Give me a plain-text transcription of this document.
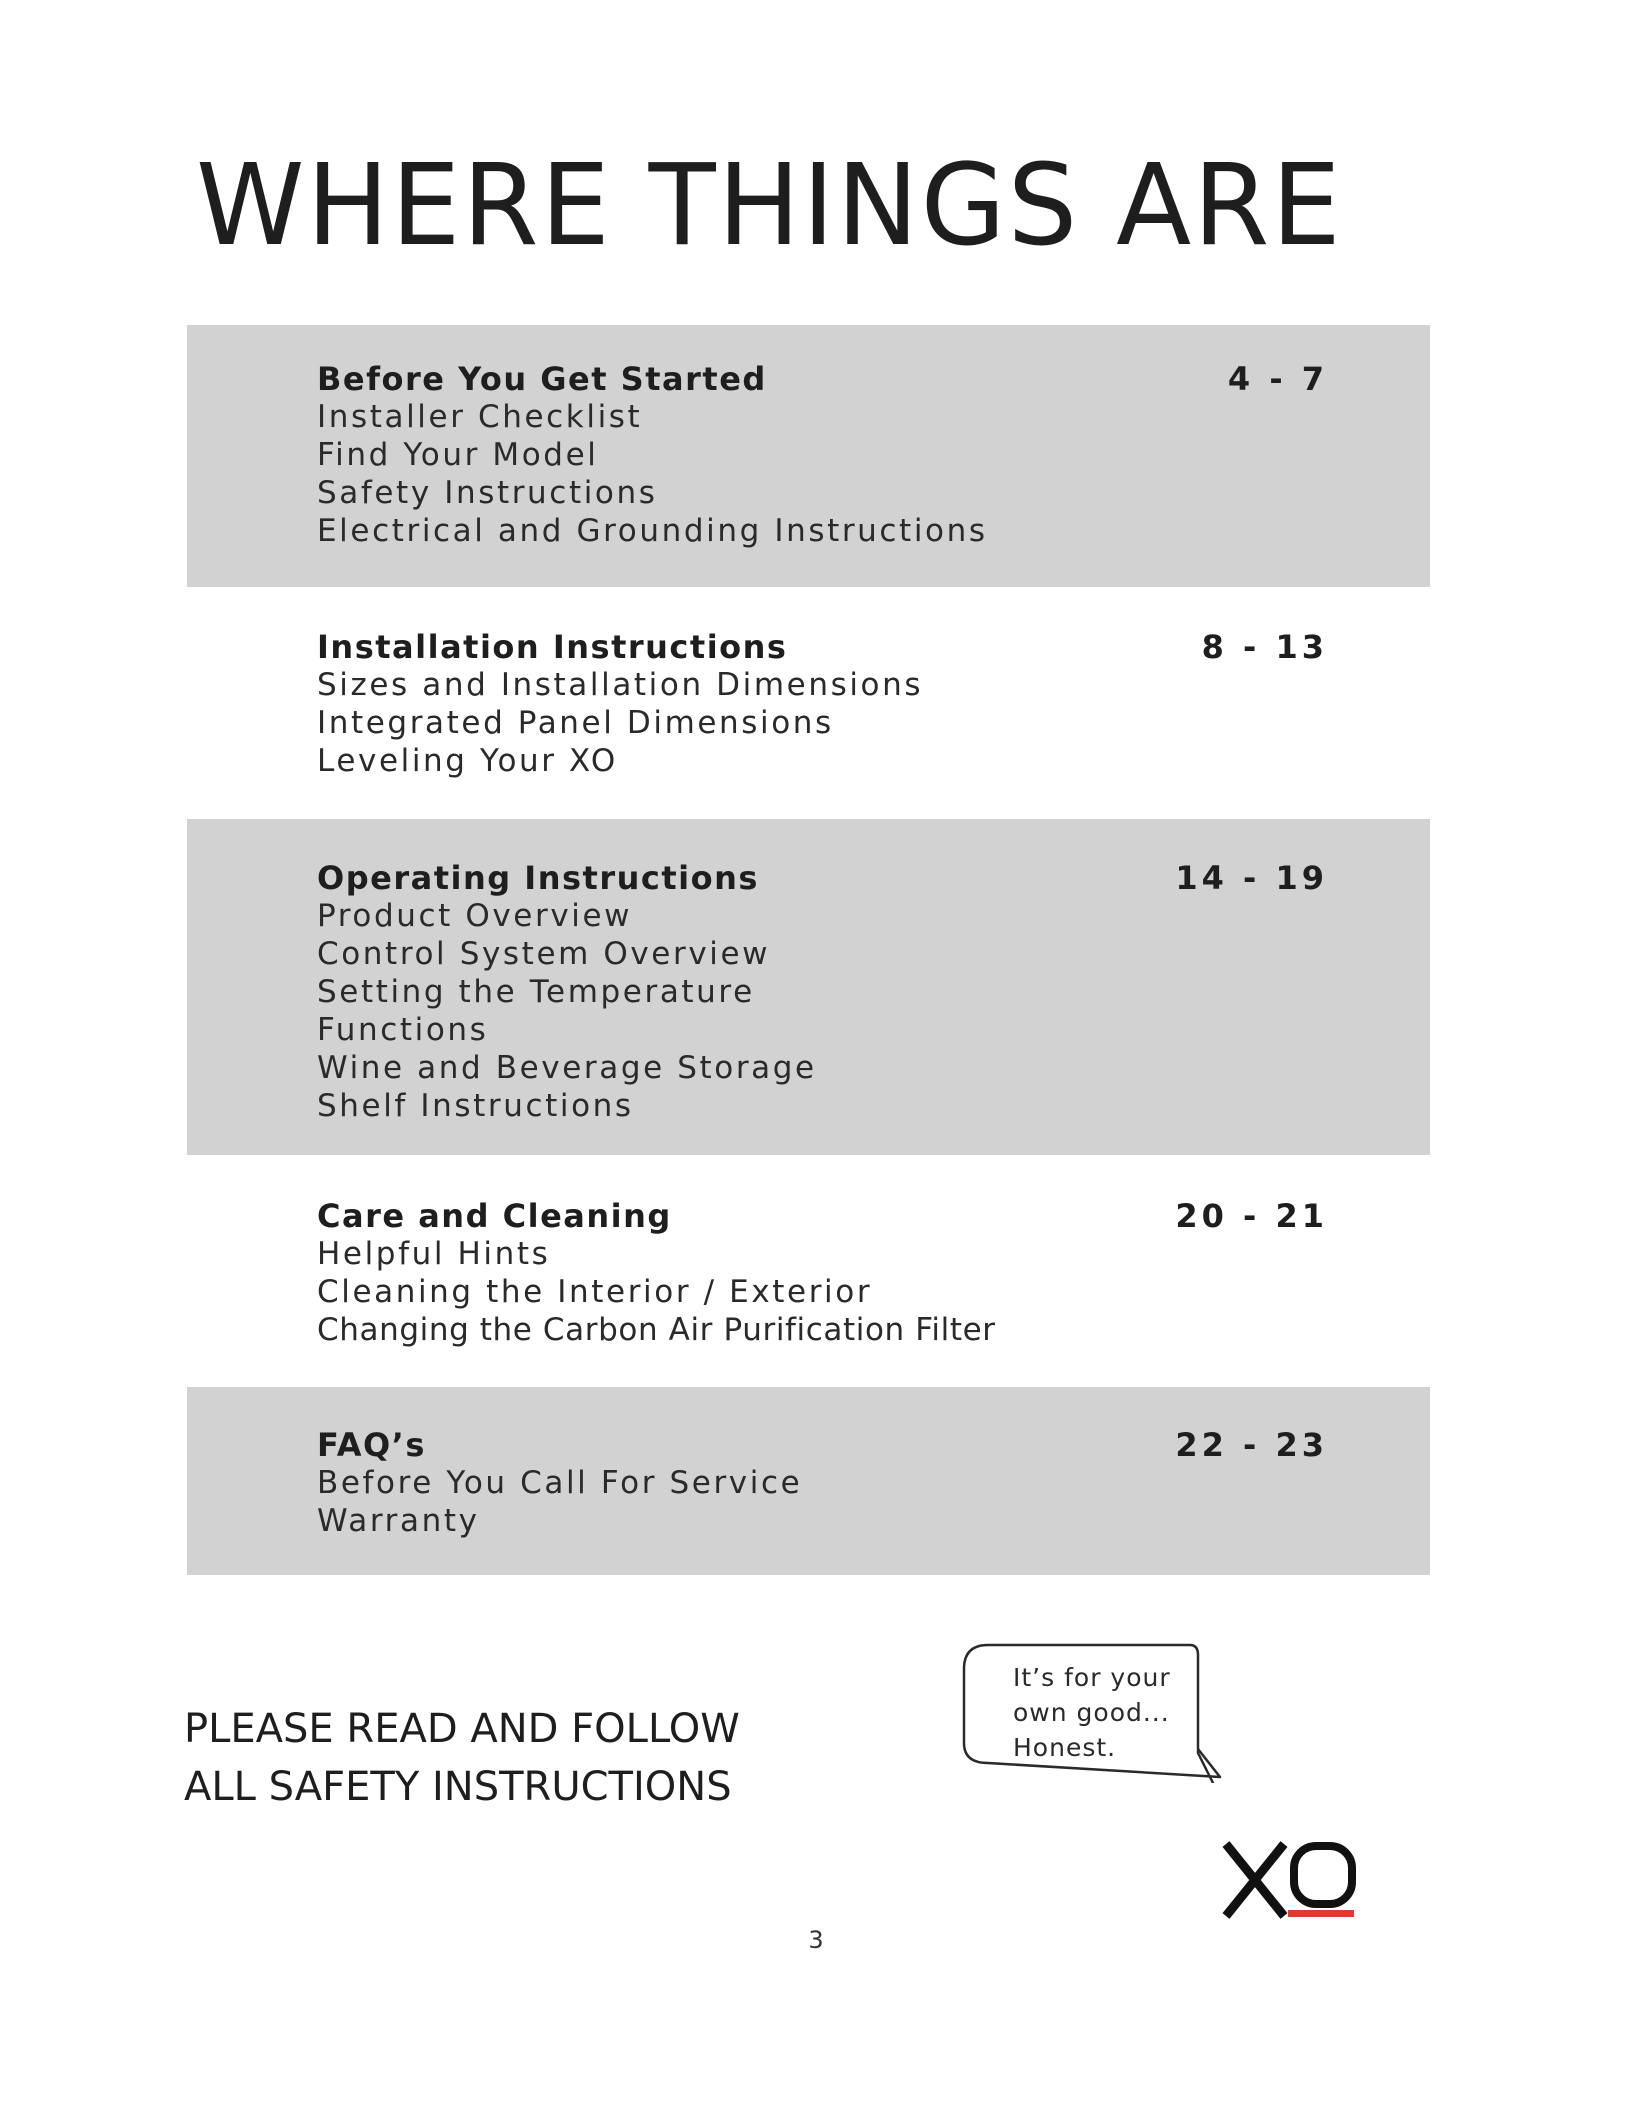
WHERE THINGS ARE
Before You Get Started
Installer Checklist
Find Your Model
Safety Instructions
Electrical and Grounding Instructions
4 - 7
Installation Instructions
Sizes and Installation Dimensions
Integrated Panel Dimensions
Leveling Your XO
8 - 13
Operating Instructions
Product Overview
Control System Overview
Setting the Temperature
Functions
Wine and Beverage Storage
Shelf Instructions
14 - 19
Care and Cleaning
Helpful Hints
Cleaning the Interior / Exterior
Changing the Carbon Air Purification Filter
20 - 21
FAQ’s
Before You Call For Service
Warranty
22 - 23
PLEASE READ AND FOLLOW
ALL SAFETY INSTRUCTIONS
It’s for your
own good...
Honest.
3
